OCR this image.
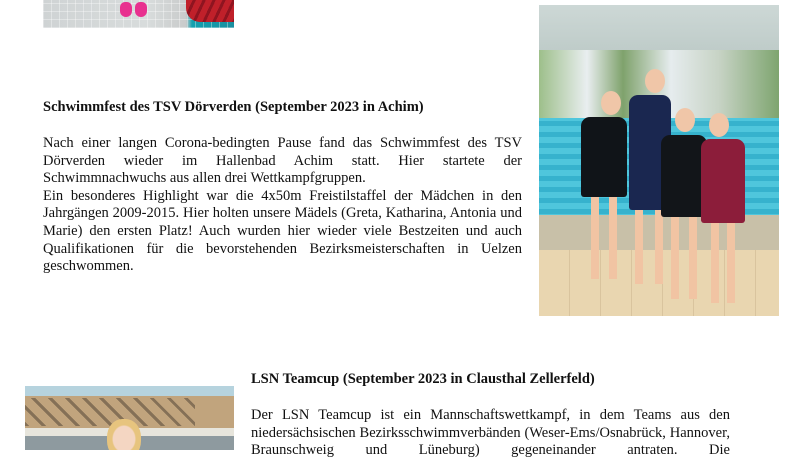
Schwimmfest des TSV Dörverden (September 2023 in Achim)

Nach einer langen Corona-bedingten Pause fand das Schwimmfest des TSV Dörverden wieder im Hallenbad Achim statt. Hier startete der Schwimmnachwuchs aus allen drei Wettkampfgruppen.

Ein besonderes Highlight war die 4x50m Freistilstaffel der Mädchen in den Jahrgängen 2009-2015. Hier holten unsere Mädels (Greta, Katharina, Antonia und Marie) den ersten Platz! Auch wurden hier wieder viele Bestzeiten und auch Qualifikationen für die bevorstehenden Bezirksmeisterschaften in Uelzen geschwommen.

LSN Teamcup (September 2023 in Clausthal Zellerfeld)

Der LSN Teamcup ist ein Mannschaftswettkampf, in dem Teams aus den niedersächsischen Bezirksschwimmverbänden (Weser-Ems/Osnabrück, Hannover, Braunschweig und Lüneburg) gegeneinander antraten. Die
